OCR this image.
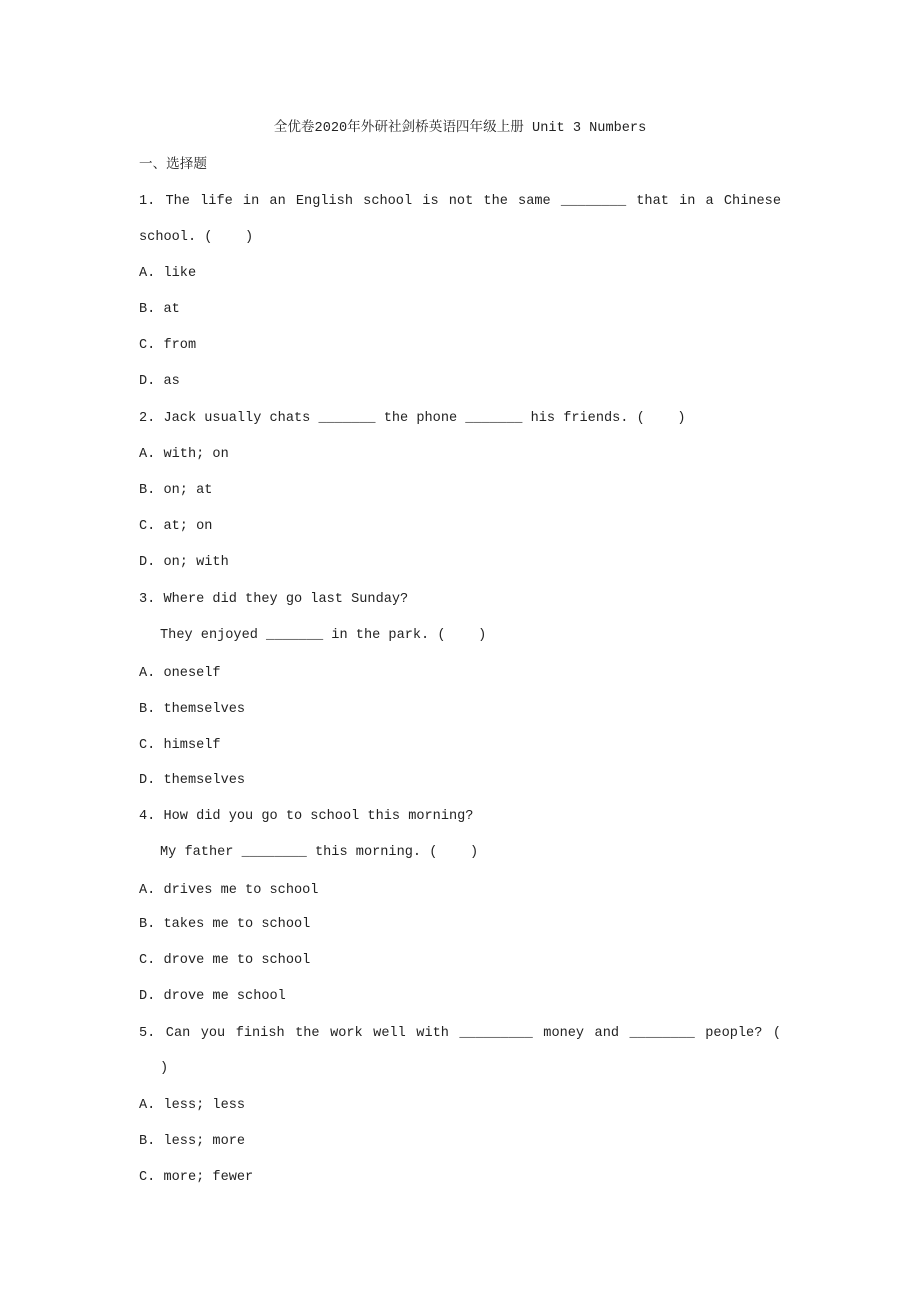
全优卷2020年外研社剑桥英语四年级上册 Unit 3 Numbers
一、选择题
1. The life in an English school is not the same ________ that in a Chinese
school. (    )
A. like
B. at
C. from
D. as
2. Jack usually chats _______ the phone _______ his friends. (    )
A. with; on
B. on; at
C. at; on
D. on; with
3. Where did they go last Sunday?
They enjoyed _______ in the park. (    )
A. oneself
B. themselves
C. himself
D. themselves
4. How did you go to school this morning?
My father ________ this morning. (    )
A. drives me to school
B. takes me to school
C. drove me to school
D. drove me school
5. Can you finish the work well with _________ money and ________ people? (
)
A. less; less
B. less; more
C. more; fewer
